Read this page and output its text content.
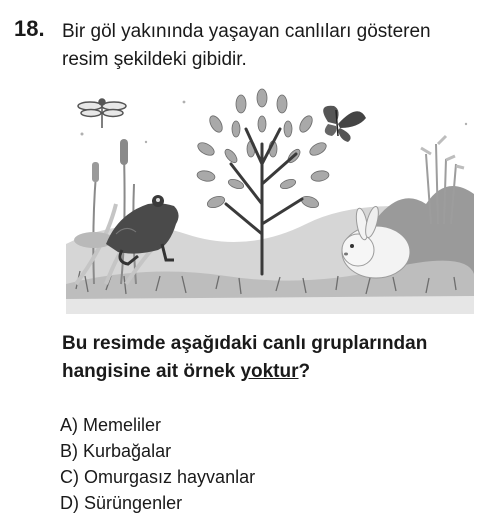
18. Bir göl yakınında yaşayan canlıları gösteren resim şekildeki gibidir.
Bu resimde aşağıdaki canlı gruplarından hangisine ait örnek yoktur?
A) Memeliler
B) Kurbağalar
C) Omurgasız hayvanlar
D) Sürüngenler
